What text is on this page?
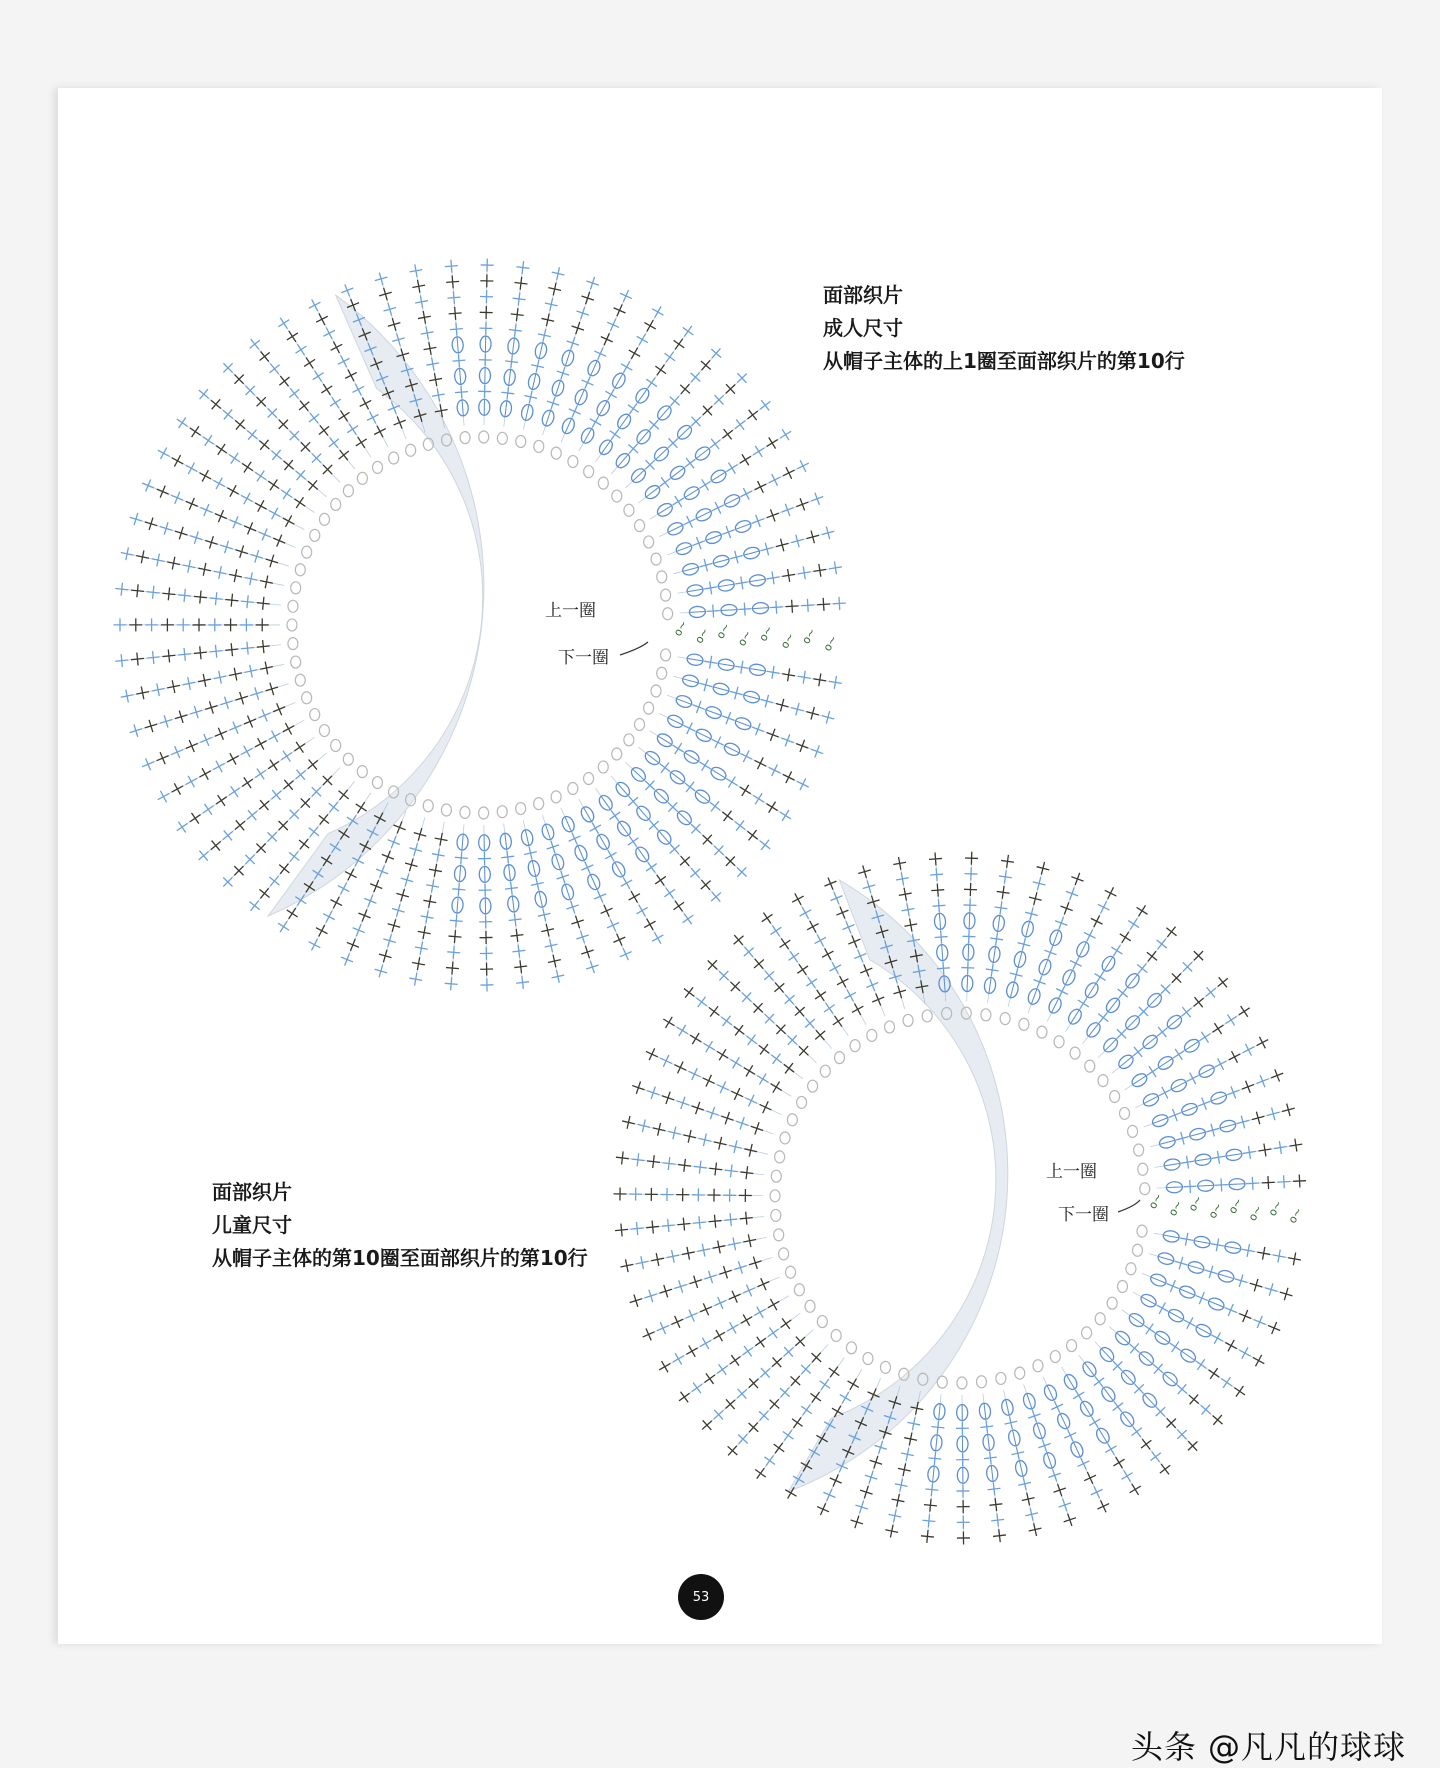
o~ o~ o~ o~ o~ o~ o~ o~
o~ o~ o~ o~ o~ o~ o~ o~
面部织片
成人尺寸
从帽子主体的上1圈至面部织片的第10行
面部织片
儿童尺寸
从帽子主体的第10圈至面部织片的第10行
上一圈
下一圈
上一圈
下一圈
53
头条 @凡凡的球球
